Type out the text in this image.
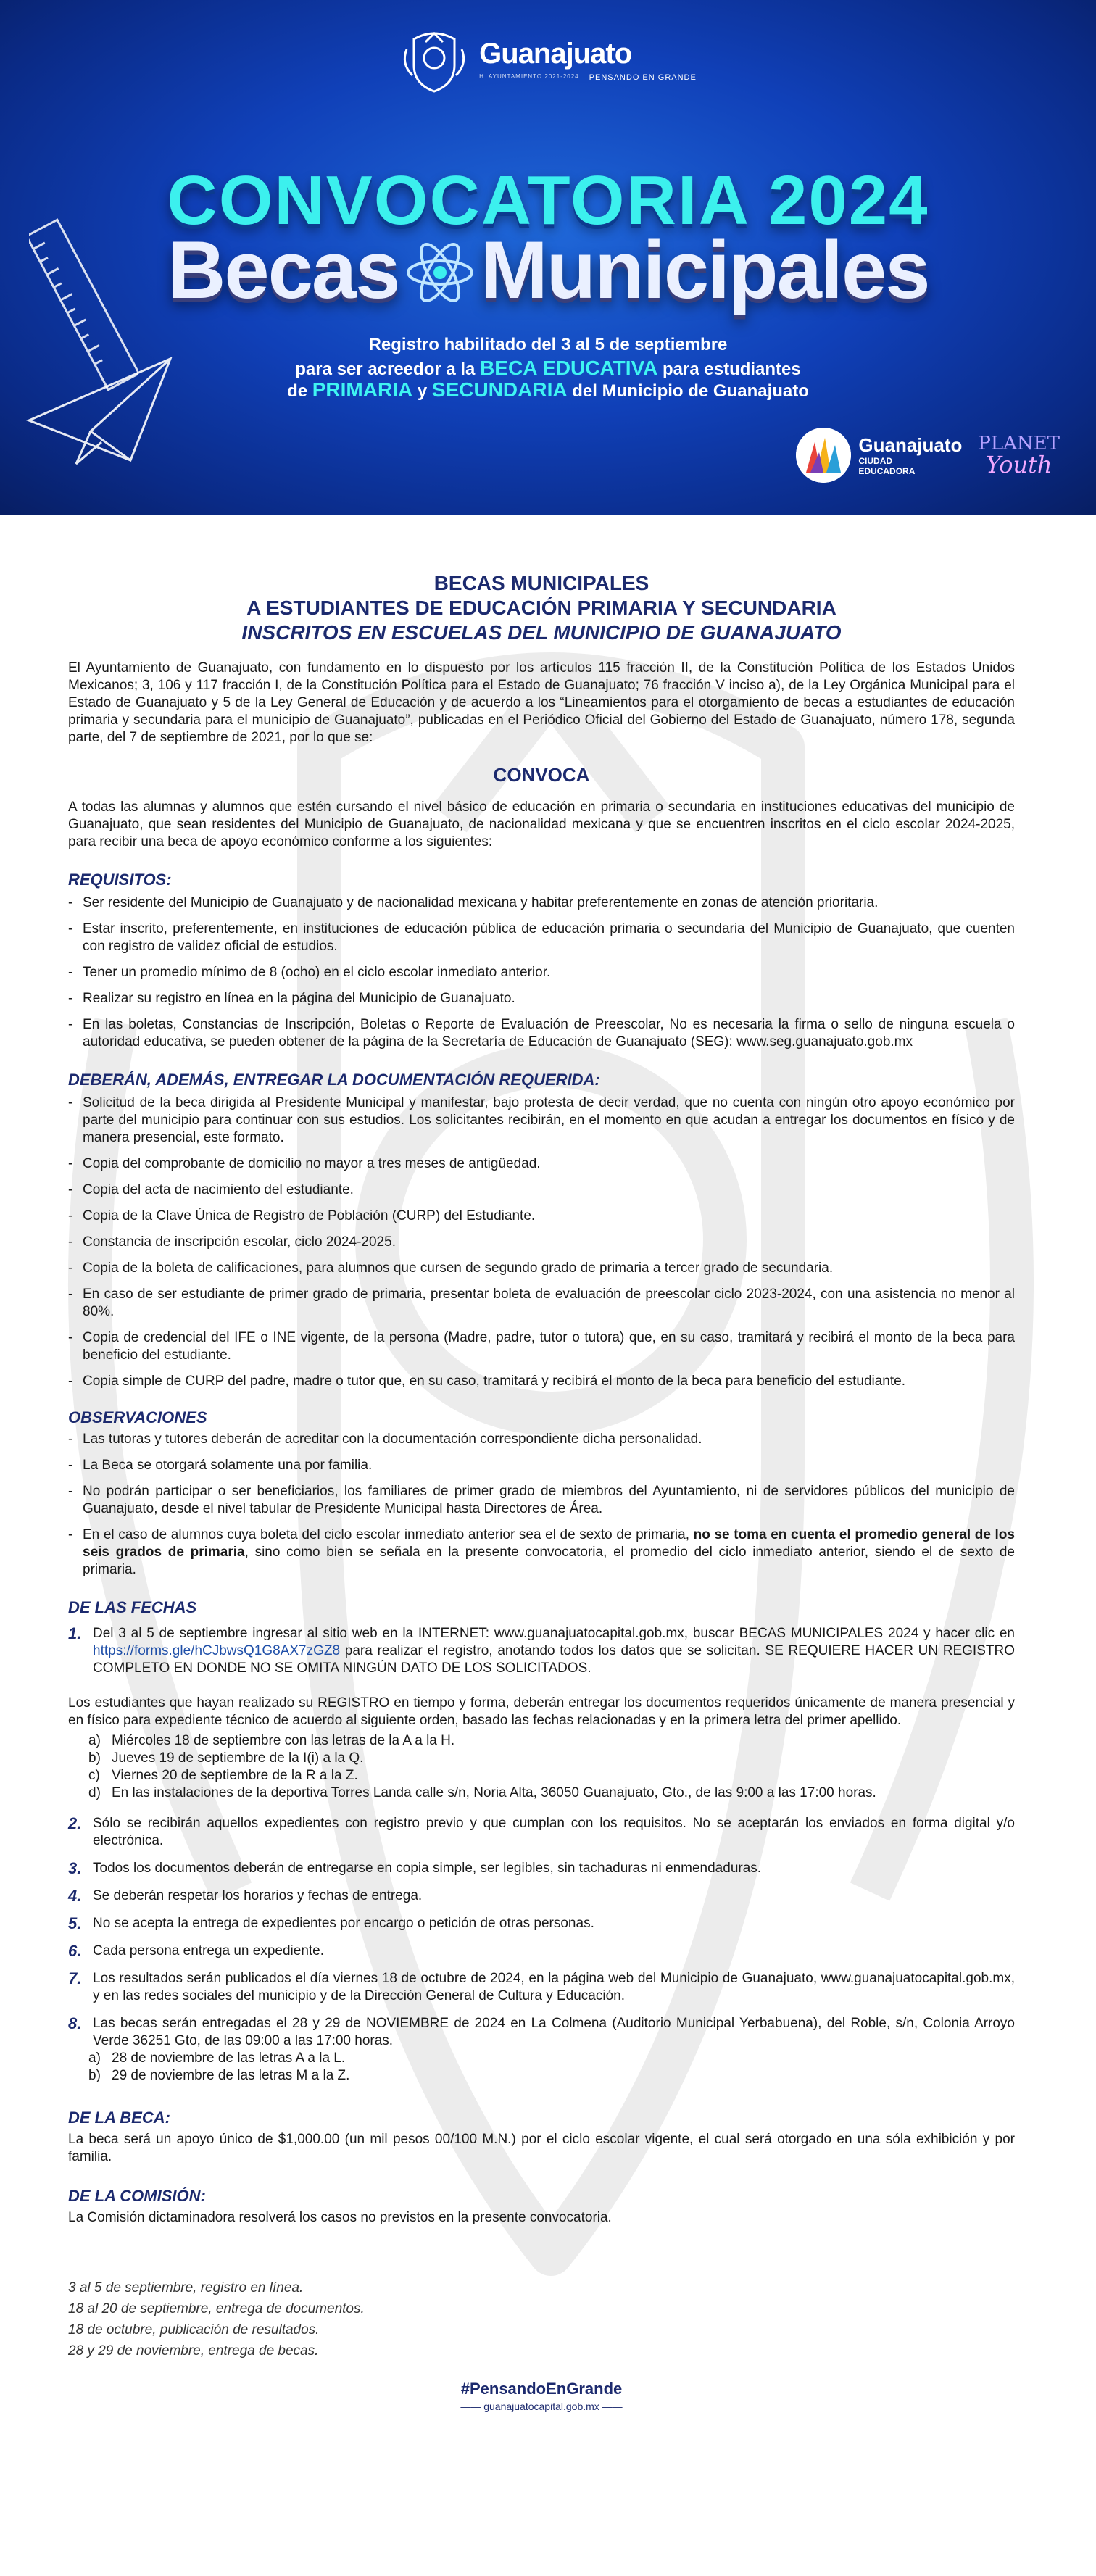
Guanajuato
H. AYUNTAMIENTO 2021-2024 PENSANDO EN GRANDE
CONVOCATORIA 2024
Becas Municipales
Registro habilitado del 3 al 5 de septiembre
para ser acreedor a la BECA EDUCATIVA para estudiantes
de PRIMARIA y SECUNDARIA del Municipio de Guanajuato
Guanajuato
CIUDAD
EDUCADORA
PLANET
Youth
BECAS MUNICIPALES
A ESTUDIANTES DE EDUCACIÓN PRIMARIA Y SECUNDARIA
INSCRITOS EN ESCUELAS DEL MUNICIPIO DE GUANAJUATO

El Ayuntamiento de Guanajuato, con fundamento en lo dispuesto por los artículos 115 fracción II, de la Constitución Política de los Estados Unidos Mexicanos; 3, 106 y 117 fracción I, de la Constitución Política para el Estado de Guanajuato; 76 fracción V inciso a), de la Ley Orgánica Municipal para el Estado de Guanajuato y 5 de la Ley General de Educación y de acuerdo a los “Lineamientos para el otorgamiento de becas a estudiantes de educación primaria y secundaria para el municipio de Guanajuato”, publicadas en el Periódico Oficial del Gobierno del Estado de Guanajuato, número 178, segunda parte, del 7 de septiembre de 2021, por lo que se:

CONVOCA

A todas las alumnas y alumnos que estén cursando el nivel básico de educación en primaria o secundaria en instituciones educativas del municipio de Guanajuato, que sean residentes del Municipio de Guanajuato, de nacionalidad mexicana y que se encuentren inscritos en el ciclo escolar 2024-2025, para recibir una beca de apoyo económico conforme a los siguientes:

REQUISITOS:
- Ser residente del Municipio de Guanajuato y de nacionalidad mexicana y habitar preferentemente en zonas de atención prioritaria.
- Estar inscrito, preferentemente, en instituciones de educación pública de educación primaria o secundaria del Municipio de Guanajuato, que cuenten con registro de validez oficial de estudios.
- Tener un promedio mínimo de 8 (ocho) en el ciclo escolar inmediato anterior.
- Realizar su registro en línea en la página del Municipio de Guanajuato.
- En las boletas, Constancias de Inscripción, Boletas o Reporte de Evaluación de Preescolar, No es necesaria la firma o sello de ninguna escuela o autoridad educativa, se pueden obtener de la página de la Secretaría de Educación de Guanajuato (SEG): www.seg.guanajuato.gob.mx
DEBERÁN, ADEMÁS, ENTREGAR LA DOCUMENTACIÓN REQUERIDA:
- Solicitud de la beca dirigida al Presidente Municipal y manifestar, bajo protesta de decir verdad, que no cuenta con ningún otro apoyo económico por parte del municipio para continuar con sus estudios. Los solicitantes recibirán, en el momento en que acudan a entregar los documentos en físico y de manera presencial, este formato.
- Copia del comprobante de domicilio no mayor a tres meses de antigüedad.
- Copia del acta de nacimiento del estudiante.
- Copia de la Clave Única de Registro de Población (CURP) del Estudiante.
- Constancia de inscripción escolar, ciclo 2024-2025.
- Copia de la boleta de calificaciones, para alumnos que cursen de segundo grado de primaria a tercer grado de secundaria.
- En caso de ser estudiante de primer grado de primaria, presentar boleta de evaluación de preescolar ciclo 2023-2024, con una asistencia no menor al 80%.
- Copia de credencial del IFE o INE vigente, de la persona (Madre, padre, tutor o tutora) que, en su caso, tramitará y recibirá el monto de la beca para beneficio del estudiante.
- Copia simple de CURP del padre, madre o tutor que, en su caso, tramitará y recibirá el monto de la beca para beneficio del estudiante.
OBSERVACIONES
- Las tutoras y tutores deberán de acreditar con la documentación correspondiente dicha personalidad.
- La Beca se otorgará solamente una por familia.
- No podrán participar o ser beneficiarios, los familiares de primer grado de miembros del Ayuntamiento, ni de servidores públicos del municipio de Guanajuato, desde el nivel tabular de Presidente Municipal hasta Directores de Área.
- En el caso de alumnos cuya boleta del ciclo escolar inmediato anterior sea el de sexto de primaria, no se toma en cuenta el promedio general de los seis grados de primaria, sino como bien se señala en la presente convocatoria, el promedio del ciclo inmediato anterior, siendo el de sexto de primaria.
DE LAS FECHAS
1. Del 3 al 5 de septiembre ingresar al sitio web en la INTERNET: www.guanajuatocapital.gob.mx, buscar BECAS MUNICIPALES 2024 y hacer clic en https://forms.gle/hCJbwsQ1G8AX7zGZ8 para realizar el registro, anotando todos los datos que se solicitan. SE REQUIERE HACER UN REGISTRO COMPLETO EN DONDE NO SE OMITA NINGÚN DATO DE LOS SOLICITADOS.

Los estudiantes que hayan realizado su REGISTRO en tiempo y forma, deberán entregar los documentos requeridos únicamente de manera presencial y en físico para expediente técnico de acuerdo al siguiente orden, basado las fechas relacionadas y en la primera letra del primer apellido.

a) Miércoles 18 de septiembre con las letras de la A a la H.
b) Jueves 19 de septiembre de la I(i) a la Q.
c) Viernes 20 de septiembre de la R a la Z.
d) En las instalaciones de la deportiva Torres Landa calle s/n, Noria Alta, 36050 Guanajuato, Gto., de las 9:00 a las 17:00 horas.
2. Sólo se recibirán aquellos expedientes con registro previo y que cumplan con los requisitos. No se aceptarán los enviados en forma digital y/o electrónica.
3. Todos los documentos deberán de entregarse en copia simple, ser legibles, sin tachaduras ni enmendaduras.
4. Se deberán respetar los horarios y fechas de entrega.
5. No se acepta la entrega de expedientes por encargo o petición de otras personas.
6. Cada persona entrega un expediente.
7. Los resultados serán publicados el día viernes 18 de octubre de 2024, en la página web del Municipio de Guanajuato, www.guanajuatocapital.gob.mx, y en las redes sociales del municipio y de la Dirección General de Cultura y Educación.
8. Las becas serán entregadas el 28 y 29 de NOVIEMBRE de 2024 en La Colmena (Auditorio Municipal Yerbabuena), del Roble, s/n, Colonia Arroyo Verde 36251 Gto, de las 09:00 a las 17:00 horas.
a) 28 de noviembre de las letras A a la L.
b) 29 de noviembre de las letras M a la Z.
DE LA BECA:

La beca será un apoyo único de $1,000.00 (un mil pesos 00/100 M.N.) por el ciclo escolar vigente, el cual será otorgado en una sóla exhibición y por familia.

DE LA COMISIÓN:

La Comisión dictaminadora resolverá los casos no previstos en la presente convocatoria.

3 al 5 de septiembre, registro en línea.
18 al 20 de septiembre, entrega de documentos.
18 de octubre, publicación de resultados.
28 y 29 de noviembre, entrega de becas.
#PensandoEnGrande
—— guanajuatocapital.gob.mx ——
